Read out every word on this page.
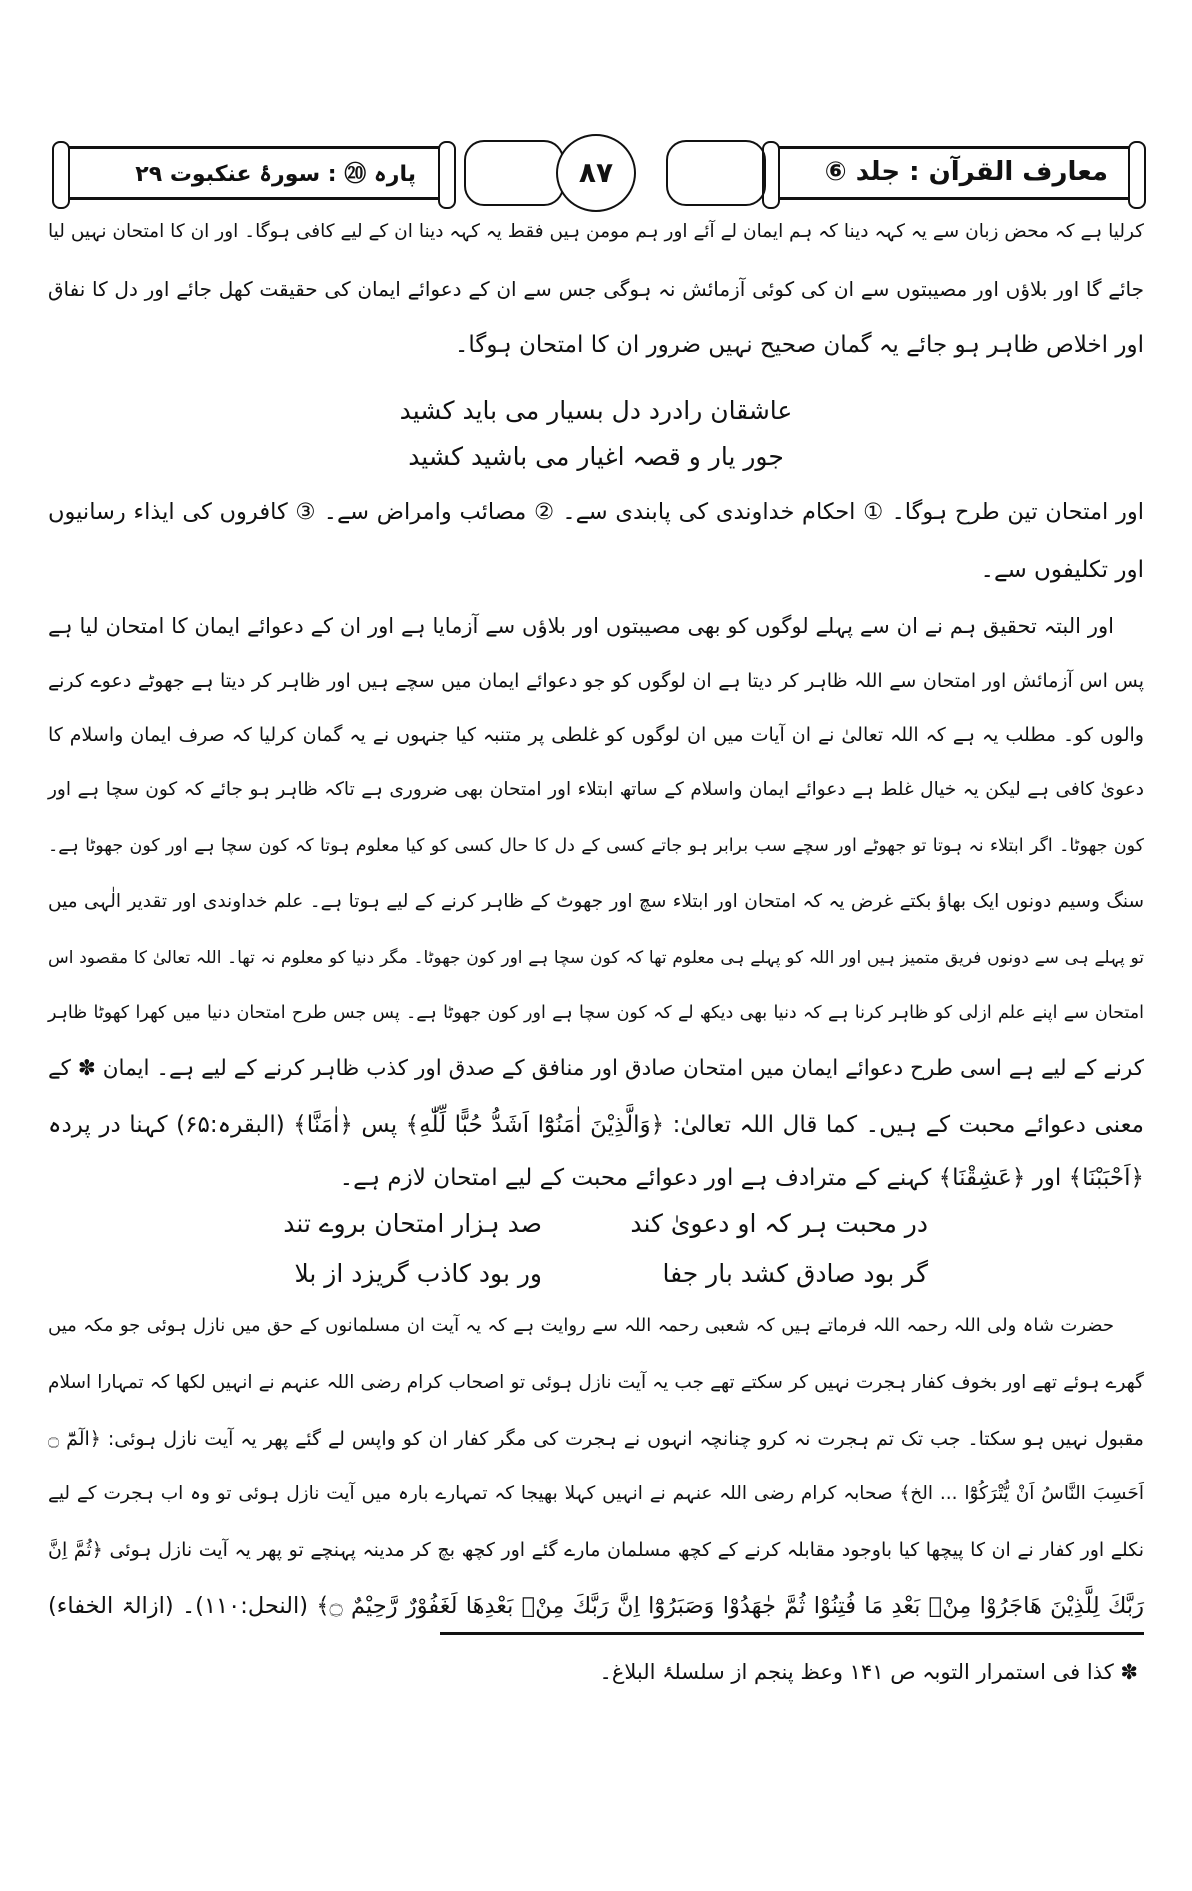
معارف القرآن : جلد ⑥
۸۷
پارہ ⑳ : سورۂ عنکبوت ۲۹
کرلیا ہے کہ محض زبان سے یہ کہہ دینا کہ ہم ایمان لے آئے اور ہم مومن ہیں فقط یہ کہہ دینا ان کے لیے کافی ہوگا۔ اور ان کا امتحان نہیں لیا
جائے گا اور بلاؤں اور مصیبتوں سے ان کی کوئی آزمائش نہ ہوگی جس سے ان کے دعوائے ایمان کی حقیقت کھل جائے اور دل کا نفاق
اور اخلاص ظاہر ہو جائے یہ گمان صحیح نہیں ضرور ان کا امتحان ہوگا۔
عاشقان رادرد دل بسیار می باید کشید
جور یار و قصہ اغیار می باشید کشید
اور امتحان تین طرح ہوگا۔ ① احکام خداوندی کی پابندی سے۔ ② مصائب وامراض سے۔ ③ کافروں کی ایذاء رسانیوں
اور تکلیفوں سے۔
اور البتہ تحقیق ہم نے ان سے پہلے لوگوں کو بھی مصیبتوں اور بلاؤں سے آزمایا ہے اور ان کے دعوائے ایمان کا امتحان لیا ہے
پس اس آزمائش اور امتحان سے اللہ ظاہر کر دیتا ہے ان لوگوں کو جو دعوائے ایمان میں سچے ہیں اور ظاہر کر دیتا ہے جھوٹے دعوے کرنے
والوں کو۔ مطلب یہ ہے کہ اللہ تعالیٰ نے ان آیات میں ان لوگوں کو غلطی پر متنبہ کیا جنہوں نے یہ گمان کرلیا کہ صرف ایمان واسلام کا
دعویٰ کافی ہے لیکن یہ خیال غلط ہے دعوائے ایمان واسلام کے ساتھ ابتلاء اور امتحان بھی ضروری ہے تاکہ ظاہر ہو جائے کہ کون سچا ہے اور
کون جھوٹا۔ اگر ابتلاء نہ ہوتا تو جھوٹے اور سچے سب برابر ہو جاتے کسی کے دل کا حال کسی کو کیا معلوم ہوتا کہ کون سچا ہے اور کون جھوٹا ہے۔
سنگ وسیم دونوں ایک بھاؤ بکتے غرض یہ کہ امتحان اور ابتلاء سچ اور جھوٹ کے ظاہر کرنے کے لیے ہوتا ہے۔ علم خداوندی اور تقدیر الٰہی میں
تو پہلے ہی سے دونوں فریق متمیز ہیں اور اللہ کو پہلے ہی معلوم تھا کہ کون سچا ہے اور کون جھوٹا۔ مگر دنیا کو معلوم نہ تھا۔ اللہ تعالیٰ کا مقصود اس
امتحان سے اپنے علم ازلی کو ظاہر کرنا ہے کہ دنیا بھی دیکھ لے کہ کون سچا ہے اور کون جھوٹا ہے۔ پس جس طرح امتحان دنیا میں کھرا کھوٹا ظاہر
کرنے کے لیے ہے اسی طرح دعوائے ایمان میں امتحان صادق اور منافق کے صدق اور کذب ظاہر کرنے کے لیے ہے۔ ایمان ✽ کے
معنی دعوائے محبت کے ہیں۔ کما قال اللہ تعالیٰ: ﴿وَالَّذِيْنَ اٰمَنُوْٓا اَشَدُّ حُبًّا لِّلّٰهِ﴾ پس ﴿اٰمَنَّا﴾ (البقرہ:۶۵) کہنا در پردہ
﴿اَحْبَبْنَا﴾ اور ﴿عَشِقْنَا﴾ کہنے کے مترادف ہے اور دعوائے محبت کے لیے امتحان لازم ہے۔
در محبت ہر کہ او دعویٰ کند
صد ہزار امتحان بروے تند
گر بود صادق کشد بار جفا
ور بود کاذب گریزد از بلا
حضرت شاہ ولی اللہ رحمہ اللہ فرماتے ہیں کہ شعبی رحمہ اللہ سے روایت ہے کہ یہ آیت ان مسلمانوں کے حق میں نازل ہوئی جو مکہ میں
گھرے ہوئے تھے اور بخوف کفار ہجرت نہیں کر سکتے تھے جب یہ آیت نازل ہوئی تو اصحاب کرام رضی اللہ عنہم نے انہیں لکھا کہ تمہارا اسلام
مقبول نہیں ہو سکتا۔ جب تک تم ہجرت نہ کرو چنانچہ انہوں نے ہجرت کی مگر کفار ان کو واپس لے گئے پھر یہ آیت نازل ہوئی: ﴿الٓمّٓ ۝
اَحَسِبَ النَّاسُ اَنْ يُّتْرَكُوْٓا ... الخ﴾ صحابہ کرام رضی اللہ عنہم نے انہیں کہلا بھیجا کہ تمہارے بارہ میں آیت نازل ہوئی تو وہ اب ہجرت کے لیے
نکلے اور کفار نے ان کا پیچھا کیا باوجود مقابلہ کرنے کے کچھ مسلمان مارے گئے اور کچھ بچ کر مدینہ پہنچے تو پھر یہ آیت نازل ہوئی ﴿ثُمَّ اِنَّ
رَبَّكَ لِلَّذِيْنَ هَاجَرُوْا مِنْۢ بَعْدِ مَا فُتِنُوْا ثُمَّ جٰهَدُوْا وَصَبَرُوْٓا اِنَّ رَبَّكَ مِنْۢ بَعْدِهَا لَغَفُوْرٌ رَّحِيْمٌ ۝﴾ (النحل:۱۱۰)۔ (ازالۃ الخفاء)
✽ کذا فی استمرار التوبہ ص ۱۴۱ وعظ پنجم از سلسلۂ البلاغ۔
